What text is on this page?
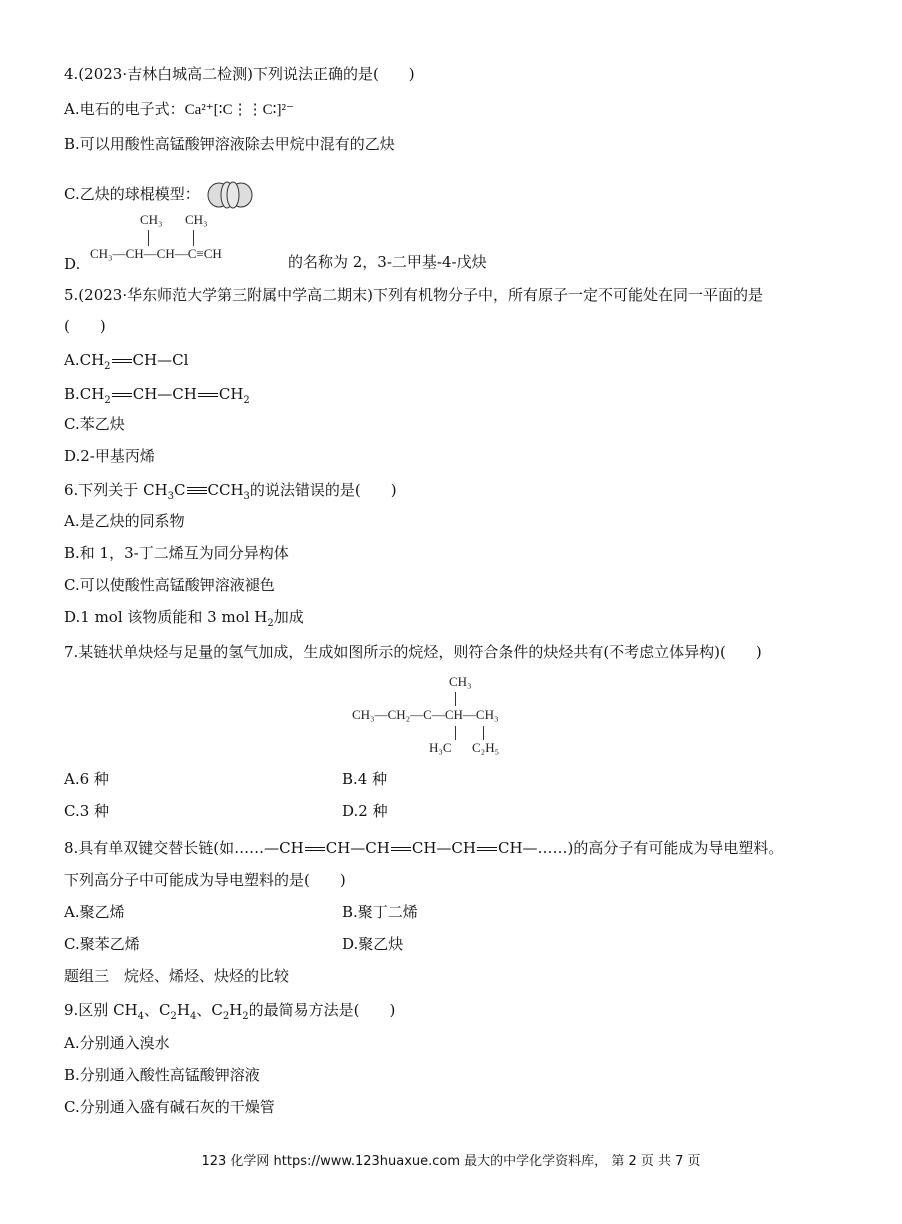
4.(2023·吉林白城高二检测)下列说法正确的是(　　)
A.电石的电子式：Ca²⁺[∶C⋮⋮C∶]²⁻
B.可以用酸性高锰酸钾溶液除去甲烷中混有的乙炔
C.乙炔的球棍模型：
D.
CH₃ CH₃
CH₃—CH—CH—C≡CH	的名称为 2，3-二甲基-4-戊炔
5.(2023·华东师范大学第三附属中学高二期末)下列有机物分子中，所有原子一定不可能处在同一平面的是
(　　)
$A.CH_2$ CH—Cl
$B.CH_2$ CH—CH $CH_2$
C.苯乙炔
D.2-甲基丙烯
6.下列关于 $CH_3C$ $CCH_3$的说法错误的是(　　)
A.是乙炔的同系物
B.和 1，3-丁二烯互为同分异构体
C.可以使酸性高锰酸钾溶液褪色
D.1 mol 该物质能和 3 mol $H_2$加成
7.某链状单炔烃与足量的氢气加成，生成如图所示的烷烃，则符合条件的炔烃共有(不考虑立体异构)(　　)
CH₃
CH₃—CH₂—C—CH—CH₃
H₃C C₂H₅
A.6 种	B.4 种
C.3 种	D.2 种
8.具有单双键交替长链(如……—CH CH—CH CH—CH CH—……)的高分子有可能成为导电塑料。
下列高分子中可能成为导电塑料的是(　　)
A.聚乙烯	B.聚丁二烯
C.聚苯乙烯	D.聚乙炔
题组三　烷烃、烯烃、炔烃的比较
9.区别 $CH_4$、$C_2H_4$、$C_2H_2$的最简易方法是(　　)
A.分别通入溴水
B.分别通入酸性高锰酸钾溶液
C.分别通入盛有碱石灰的干燥管
123 化学网 https://www.123huaxue.com 最大的中学化学资料库， 第 2 页 共 7 页
